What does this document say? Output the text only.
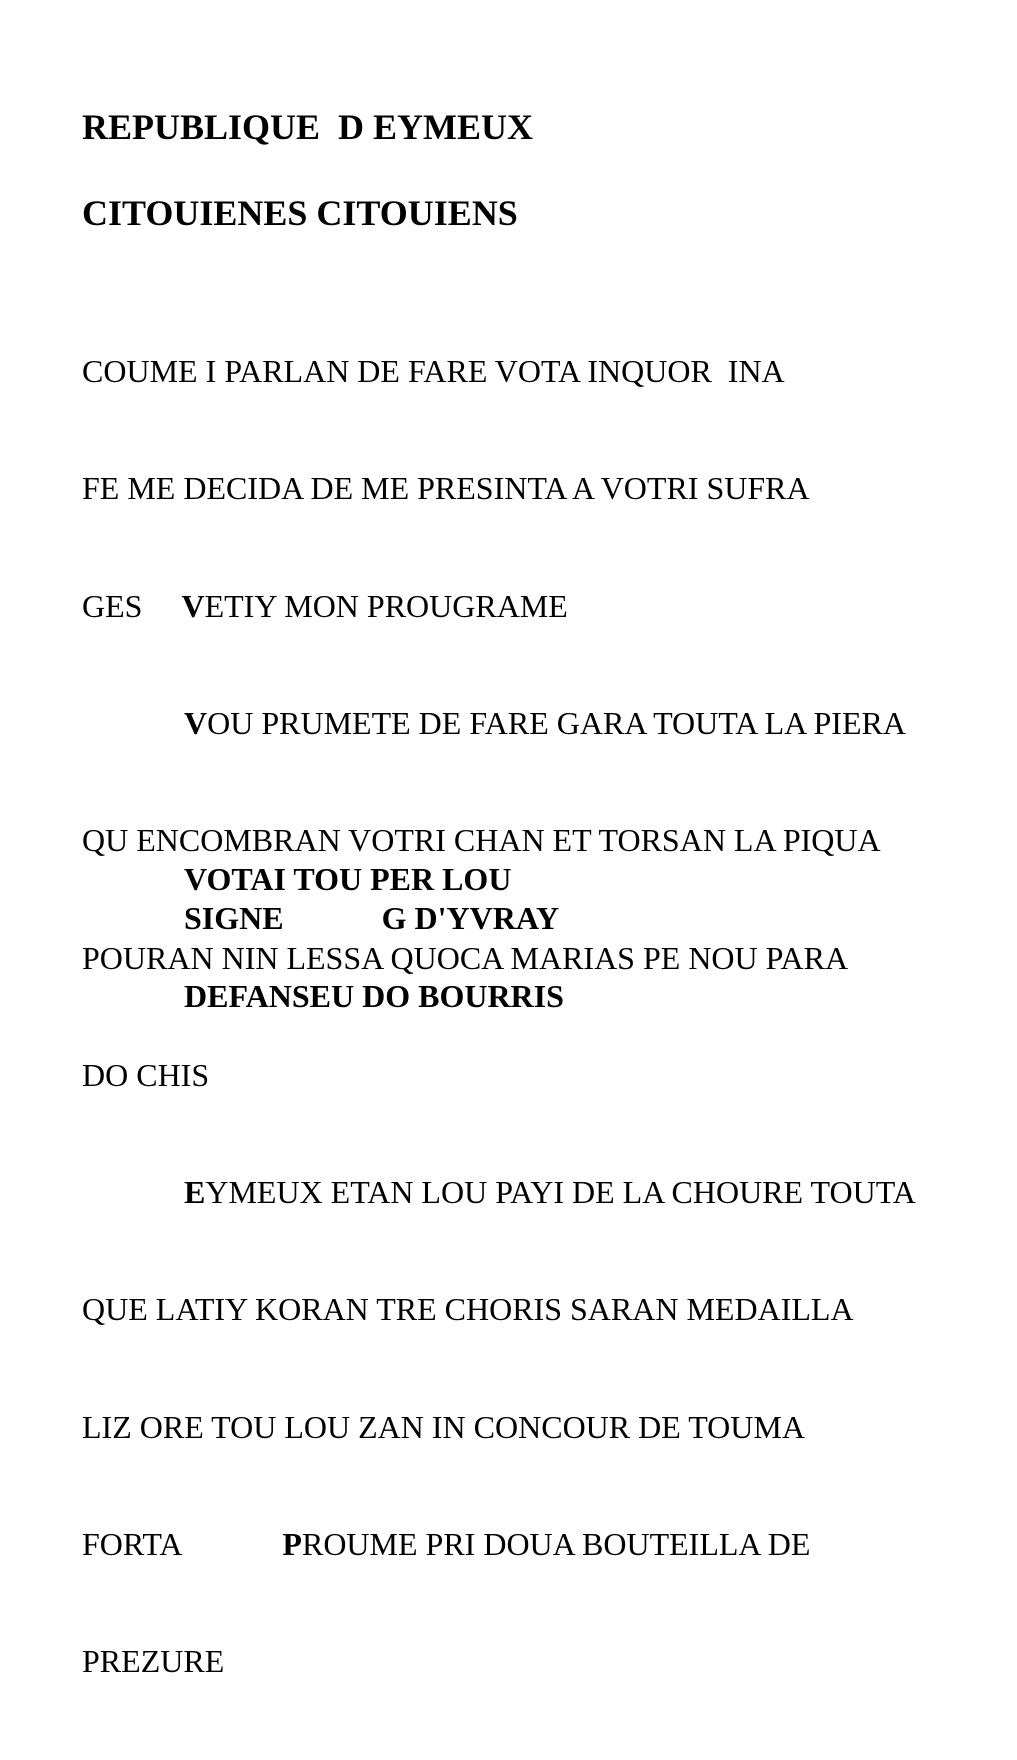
REPUBLIQUE  D EYMEUX
CITOUIENES CITOUIENS

COUME I PARLAN DE FARE VOTA INQUOR  INA

FE ME DECIDA DE ME PRESINTA A VOTRI SUFRA

GES VETIY MON PROUGRAME

VOU PRUMETE DE FARE GARA TOUTA LA PIERA

QU ENCOMBRAN VOTRI CHAN ET TORSAN LA PIQUA

POURAN NIN LESSA QUOCA MARIAS PE NOU PARA

DO CHIS

EYMEUX ETAN LOU PAYI DE LA CHOURE TOUTA

QUE LATIY KORAN TRE CHORIS SARAN MEDAILLA

LIZ ORE TOU LOU ZAN IN CONCOUR DE TOUMA

FORTA	PROUME PRI DOUA BOUTEILLA DE

PREZURE

VOTAI TOU PER LOU

DEFANSEU DO BOURRIS

SIGNE	G D'YVRAY
